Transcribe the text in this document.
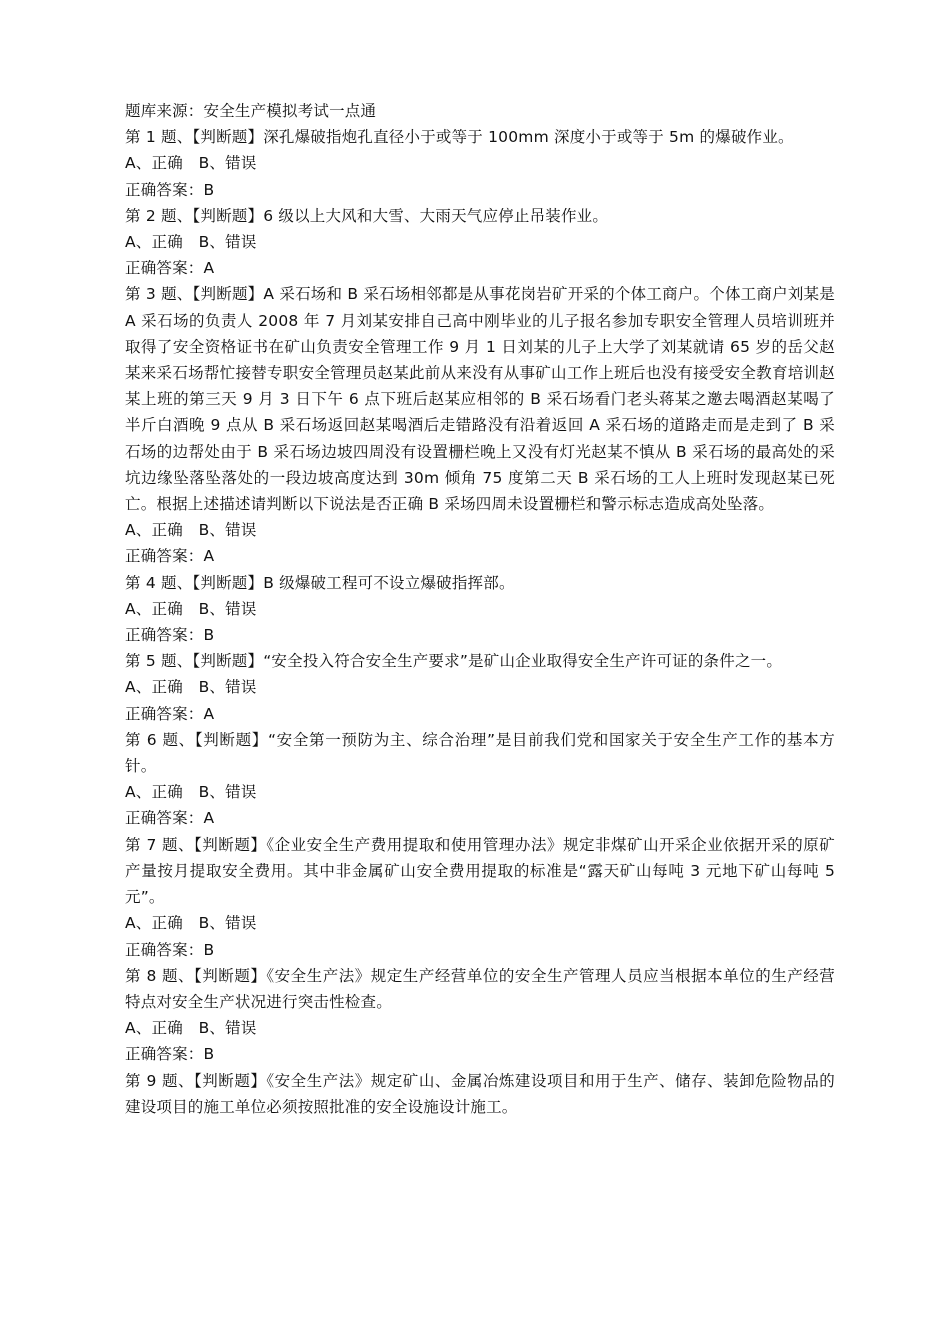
题库来源：安全生产模拟考试一点通

第 1 题、【判断题】深孔爆破指炮孔直径小于或等于 100mm 深度小于或等于 5m 的爆破作业。

A、正确　B、错误

正确答案：B

第 2 题、【判断题】6 级以上大风和大雪、大雨天气应停止吊装作业。

A、正确　B、错误

正确答案：A

第 3 题、【判断题】A 采石场和 B 采石场相邻都是从事花岗岩矿开采的个体工商户。个体工商户刘某是 A 采石场的负责人 2008 年 7 月刘某安排自己高中刚毕业的儿子报名参加专职安全管理人员培训班并取得了安全资格证书在矿山负责安全管理工作 9 月 1 日刘某的儿子上大学了刘某就请 65 岁的岳父赵某来采石场帮忙接替专职安全管理员赵某此前从来没有从事矿山工作上班后也没有接受安全教育培训赵某上班的第三天 9 月 3 日下午 6 点下班后赵某应相邻的 B 采石场看门老头蒋某之邀去喝酒赵某喝了半斤白酒晚 9 点从 B 采石场返回赵某喝酒后走错路没有沿着返回 A 采石场的道路走而是走到了 B 采石场的边帮处由于 B 采石场边坡四周没有设置栅栏晚上又没有灯光赵某不慎从 B 采石场的最高处的采坑边缘坠落坠落处的一段边坡高度达到 30m 倾角 75 度第二天 B 采石场的工人上班时发现赵某已死亡。根据上述描述请判断以下说法是否正确 B 采场四周未设置栅栏和警示标志造成高处坠落。

A、正确　B、错误

正确答案：A

第 4 题、【判断题】B 级爆破工程可不设立爆破指挥部。

A、正确　B、错误

正确答案：B

第 5 题、【判断题】“安全投入符合安全生产要求”是矿山企业取得安全生产许可证的条件之一。

A、正确　B、错误

正确答案：A

第 6 题、【判断题】“安全第一预防为主、综合治理”是目前我们党和国家关于安全生产工作的基本方针。

A、正确　B、错误

正确答案：A

第 7 题、【判断题】《企业安全生产费用提取和使用管理办法》规定非煤矿山开采企业依据开采的原矿产量按月提取安全费用。其中非金属矿山安全费用提取的标准是“露天矿山每吨 3 元地下矿山每吨 5 元”。

A、正确　B、错误

正确答案：B

第 8 题、【判断题】《安全生产法》规定生产经营单位的安全生产管理人员应当根据本单位的生产经营特点对安全生产状况进行突击性检查。

A、正确　B、错误

正确答案：B

第 9 题、【判断题】《安全生产法》规定矿山、金属冶炼建设项目和用于生产、储存、装卸危险物品的建设项目的施工单位必须按照批准的安全设施设计施工。
